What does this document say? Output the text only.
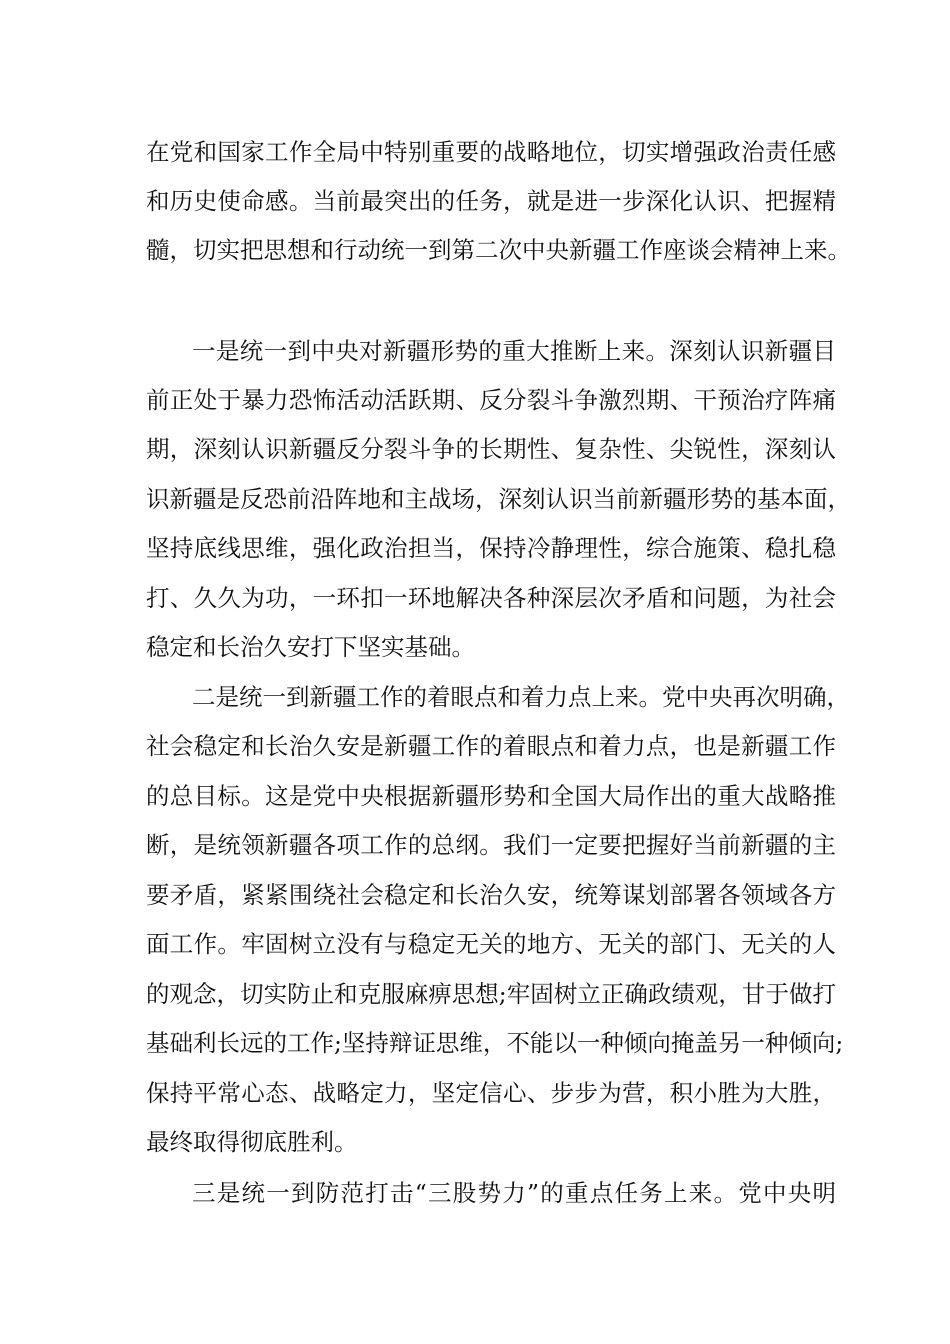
在党和国家工作全局中特别重要的战略地位，切实增强政治责任感
和历史使命感。当前最突出的任务，就是进一步深化认识、把握精
髓，切实把思想和行动统一到第二次中央新疆工作座谈会精神上来。
一是统一到中央对新疆形势的重大推断上来。深刻认识新疆目
前正处于暴力恐怖活动活跃期、反分裂斗争激烈期、干预治疗阵痛
期，深刻认识新疆反分裂斗争的长期性、复杂性、尖锐性，深刻认
识新疆是反恐前沿阵地和主战场，深刻认识当前新疆形势的基本面，
坚持底线思维，强化政治担当，保持冷静理性，综合施策、稳扎稳
打、久久为功，一环扣一环地解决各种深层次矛盾和问题，为社会
稳定和长治久安打下坚实基础。
二是统一到新疆工作的着眼点和着力点上来。党中央再次明确，
社会稳定和长治久安是新疆工作的着眼点和着力点，也是新疆工作
的总目标。这是党中央根据新疆形势和全国大局作出的重大战略推
断，是统领新疆各项工作的总纲。我们一定要把握好当前新疆的主
要矛盾，紧紧围绕社会稳定和长治久安，统筹谋划部署各领域各方
面工作。牢固树立没有与稳定无关的地方、无关的部门、无关的人
的观念，切实防止和克服麻痹思想;牢固树立正确政绩观，甘于做打
基础利长远的工作;坚持辩证思维，不能以一种倾向掩盖另一种倾向;
保持平常心态、战略定力，坚定信心、步步为营，积小胜为大胜，
最终取得彻底胜利。
三是统一到防范打击“三股势力”的重点任务上来。党中央明
